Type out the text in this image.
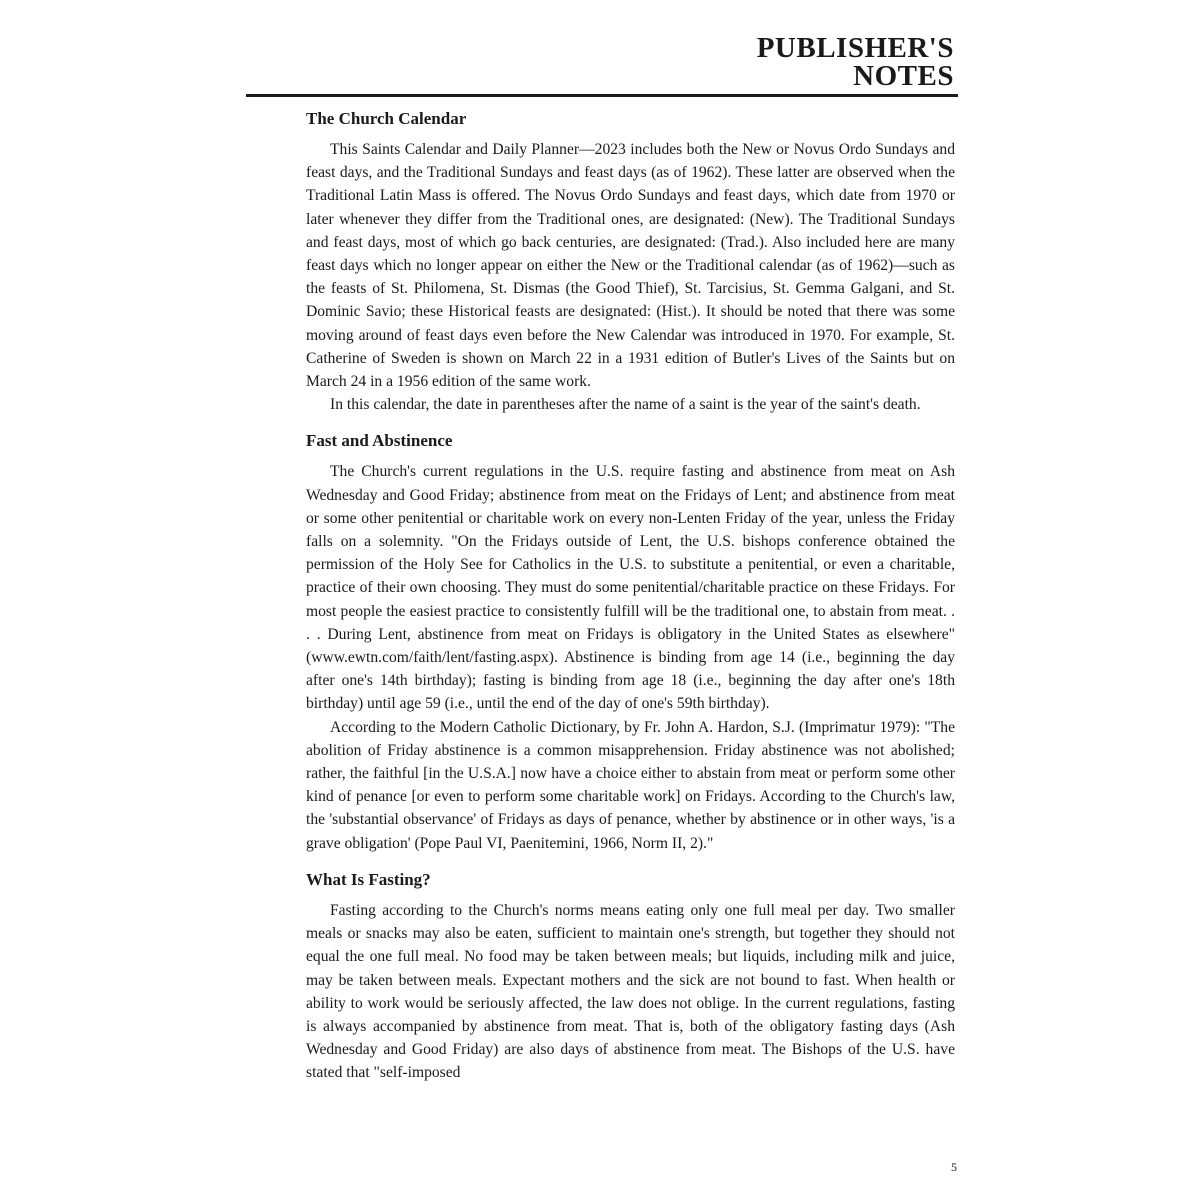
PUBLISHER'S
NOTES
The Church Calendar

This Saints Calendar and Daily Planner—2023 includes both the New or Novus Ordo Sundays and feast days, and the Traditional Sundays and feast days (as of 1962). These latter are observed when the Traditional Latin Mass is offered. The Novus Ordo Sundays and feast days, which date from 1970 or later whenever they differ from the Traditional ones, are designated: (New). The Traditional Sundays and feast days, most of which go back centuries, are designated: (Trad.). Also included here are many feast days which no longer appear on either the New or the Traditional calendar (as of 1962)—such as the feasts of St. Philomena, St. Dismas (the Good Thief), St. Tarcisius, St. Gemma Galgani, and St. Dominic Savio; these Historical feasts are designated: (Hist.). It should be noted that there was some moving around of feast days even before the New Calendar was introduced in 1970. For example, St. Catherine of Sweden is shown on March 22 in a 1931 edition of Butler's Lives of the Saints but on March 24 in a 1956 edition of the same work.

In this calendar, the date in parentheses after the name of a saint is the year of the saint's death.

Fast and Abstinence

The Church's current regulations in the U.S. require fasting and abstinence from meat on Ash Wednesday and Good Friday; abstinence from meat on the Fridays of Lent; and abstinence from meat or some other penitential or charitable work on every non-Lenten Friday of the year, unless the Friday falls on a solemnity. "On the Fridays outside of Lent, the U.S. bishops conference obtained the permission of the Holy See for Catholics in the U.S. to substitute a penitential, or even a charitable, practice of their own choosing. They must do some penitential/charitable practice on these Fridays. For most people the easiest practice to consistently fulfill will be the traditional one, to abstain from meat. . . . During Lent, abstinence from meat on Fridays is obligatory in the United States as elsewhere" (www.ewtn.com/faith/lent/fasting.aspx). Abstinence is binding from age 14 (i.e., beginning the day after one's 14th birthday); fasting is binding from age 18 (i.e., beginning the day after one's 18th birthday) until age 59 (i.e., until the end of the day of one's 59th birthday).

According to the Modern Catholic Dictionary, by Fr. John A. Hardon, S.J. (Imprimatur 1979): "The abolition of Friday abstinence is a common misapprehension. Friday abstinence was not abolished; rather, the faithful [in the U.S.A.] now have a choice either to abstain from meat or perform some other kind of penance [or even to perform some charitable work] on Fridays. According to the Church's law, the 'substantial observance' of Fridays as days of penance, whether by abstinence or in other ways, 'is a grave obligation' (Pope Paul VI, Paenitemini, 1966, Norm II, 2)."

What Is Fasting?

Fasting according to the Church's norms means eating only one full meal per day. Two smaller meals or snacks may also be eaten, sufficient to maintain one's strength, but together they should not equal the one full meal. No food may be taken between meals; but liquids, including milk and juice, may be taken between meals. Expectant mothers and the sick are not bound to fast. When health or ability to work would be seriously affected, the law does not oblige. In the current regulations, fasting is always accompanied by abstinence from meat. That is, both of the obligatory fasting days (Ash Wednesday and Good Friday) are also days of abstinence from meat. The Bishops of the U.S. have stated that "self-imposed

5
